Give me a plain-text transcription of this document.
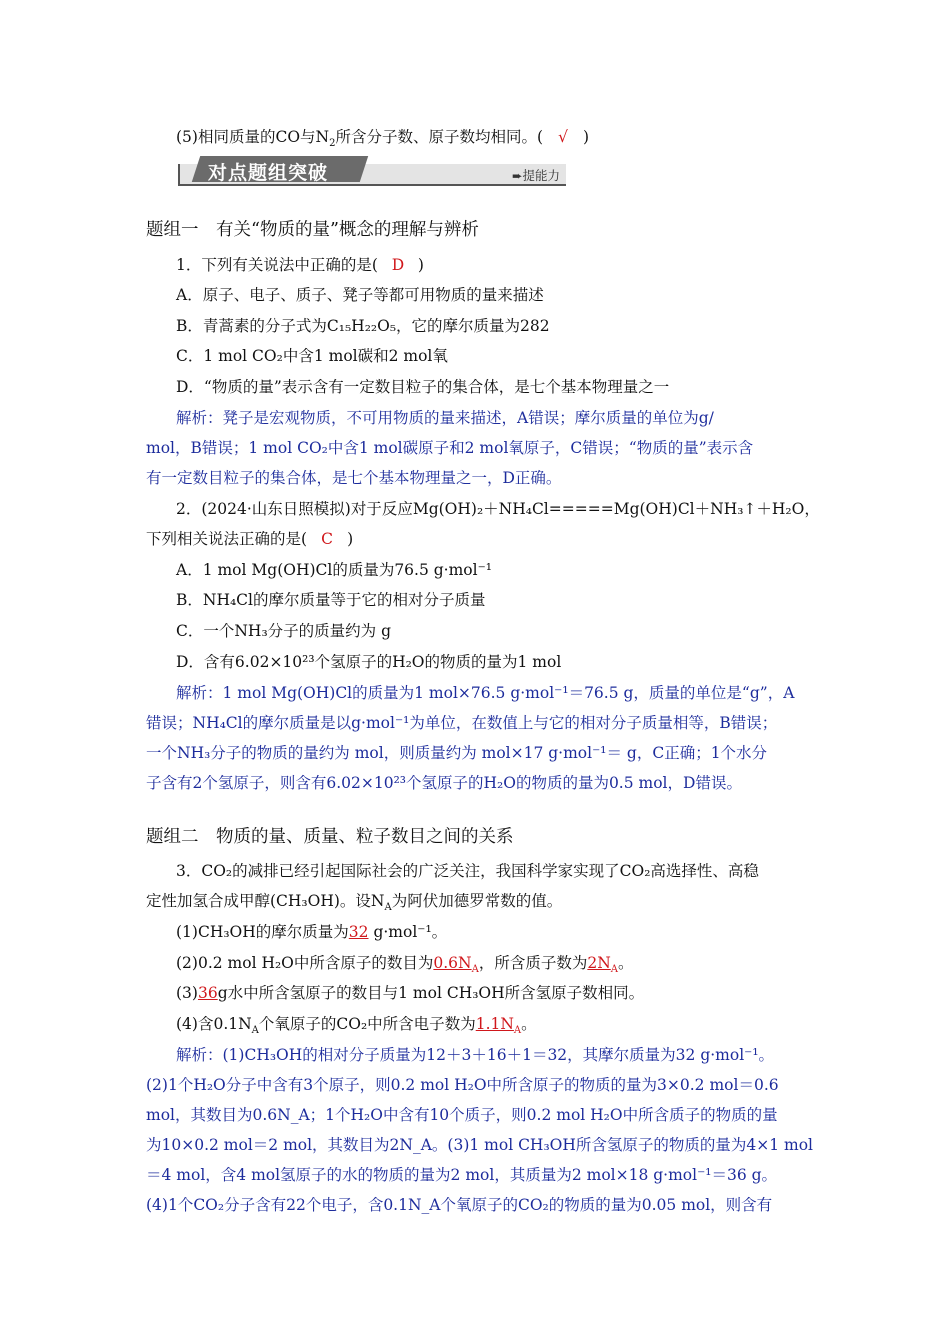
(5)相同质量的CO与$N_2$所含分子数、原子数均相同。( √ )
对点题组突破	➨提能力
题组一　有关“物质的量”概念的理解与辨析
1．下列有关说法中正确的是( D )
A．原子、电子、质子、凳子等都可用物质的量来描述
B．青蒿素的分子式为C₁₅H₂₂O₅，它的摩尔质量为282
C．1 mol CO₂中含1 mol碳和2 mol氧
D．“物质的量”表示含有一定数目粒子的集合体，是七个基本物理量之一
解析：凳子是宏观物质，不可用物质的量来描述，A错误；摩尔质量的单位为g/
mol，B错误；1 mol CO₂中含1 mol碳原子和2 mol氧原子，C错误；“物质的量”表示含
有一定数目粒子的集合体，是七个基本物理量之一，D正确。
2．(2024·山东日照模拟)对于反应Mg(OH)₂＋NH₄Cl=====Mg(OH)Cl＋NH₃↑＋H₂O，
下列相关说法正确的是( C )
A．1 mol Mg(OH)Cl的质量为76.5 g·mol⁻¹
B．NH₄Cl的摩尔质量等于它的相对分子质量
C．一个NH₃分子的质量约为 g
D．含有6.02×10²³个氢原子的H₂O的物质的量为1 mol
解析：1 mol Mg(OH)Cl的质量为1 mol×76.5 g·mol⁻¹＝76.5 g，质量的单位是“g”，A
错误；NH₄Cl的摩尔质量是以g·mol⁻¹为单位，在数值上与它的相对分子质量相等，B错误；
一个NH₃分子的物质的量约为 mol，则质量约为 mol×17 g·mol⁻¹＝ g，C正确；1个水分
子含有2个氢原子，则含有6.02×10²³个氢原子的H₂O的物质的量为0.5 mol，D错误。
题组二　物质的量、质量、粒子数目之间的关系
3．CO₂的减排已经引起国际社会的广泛关注，我国科学家实现了CO₂高选择性、高稳
定性加氢合成甲醇(CH₃OH)。设$N_A$为阿伏加德罗常数的值。
(1)CH₃OH的摩尔质量为32 g·mol⁻¹。
(2)0.2 mol H₂O中所含原子的数目为$0.6N_A$，所含质子数为$2N_A$。
(3)36g水中所含氢原子的数目与1 mol CH₃OH所含氢原子数相同。
(4)含$0.1N_A$个氧原子的CO₂中所含电子数为$1.1N_A$。
解析：(1)CH₃OH的相对分子质量为12＋3＋16＋1＝32，其摩尔质量为32 g·mol⁻¹。
(2)1个H₂O分子中含有3个原子，则0.2 mol H₂O中所含原子的物质的量为3×0.2 mol＝0.6
mol，其数目为0.6N_A；1个H₂O中含有10个质子，则0.2 mol H₂O中所含质子的物质的量
为10×0.2 mol＝2 mol，其数目为2N_A。(3)1 mol CH₃OH所含氢原子的物质的量为4×1 mol
＝4 mol，含4 mol氢原子的水的物质的量为2 mol，其质量为2 mol×18 g·mol⁻¹＝36 g。
(4)1个CO₂分子含有22个电子，含0.1N_A个氧原子的CO₂的物质的量为0.05 mol，则含有
